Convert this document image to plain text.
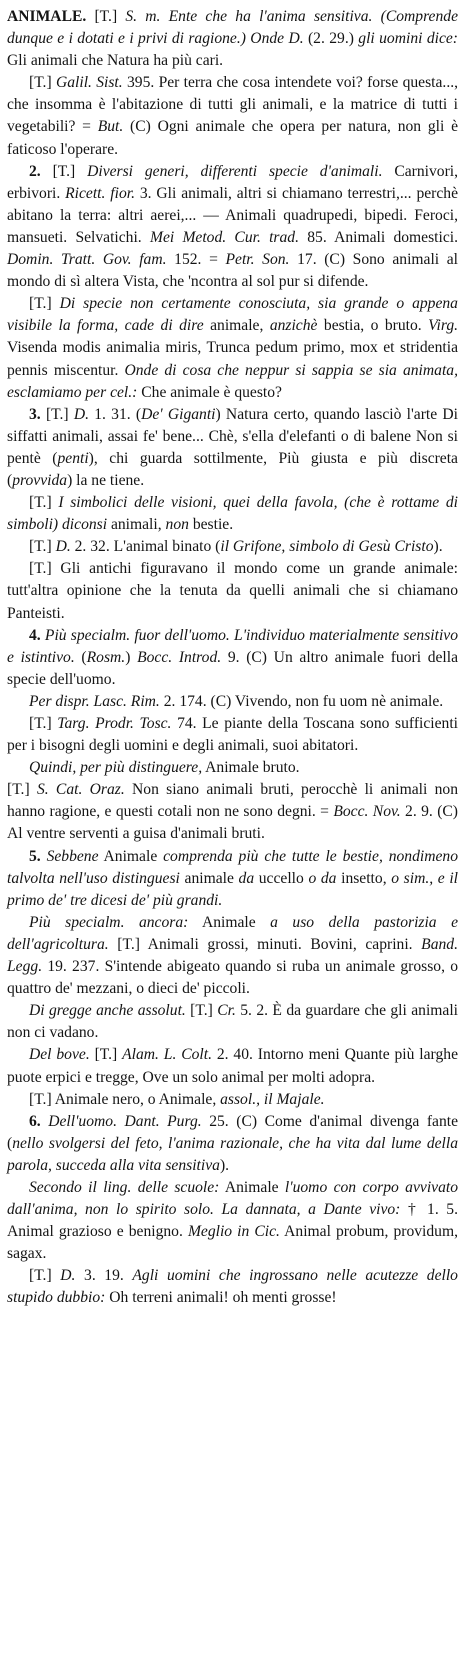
ANIMALE. [T.] S. m. Ente che ha l'anima sensitiva. (Comprende dunque e i dotati e i privi di ragione.) Onde D. (2. 29.) gli uomini dice: Gli animali che Natura ha più cari.

[T.] Galil. Sist. 395. Per terra che cosa intendete voi? forse questa..., che insomma è l'abitazione di tutti gli animali, e la matrice di tutti i vegetabili? = But. (C) Ogni animale che opera per natura, non gli è faticoso l'operare.

2. [T.] Diversi generi, differenti specie d'animali. Carnivori, erbivori. Ricett. fior. 3. Gli animali, altri si chiamano terrestri,... perchè abitano la terra: altri aerei,... — Animali quadrupedi, bipedi. Feroci, mansueti. Selvatichi. Mei Metod. Cur. trad. 85. Animali domestici. Domin. Tratt. Gov. fam. 152. = Petr. Son. 17. (C) Sono animali al mondo di sì altera Vista, che 'ncontra al sol pur si difende.

[T.] Di specie non certamente conosciuta, sia grande o appena visibile la forma, cade di dire animale, anzichè bestia, o bruto. Virg. Visenda modis animalia miris, Trunca pedum primo, mox et stridentia pennis miscentur. Onde di cosa che neppur si sappia se sia animata, esclamiamo per cel.: Che animale è questo?

3. [T.] D. 1. 31. (De' Giganti) Natura certo, quando lasciò l'arte Di siffatti animali, assai fe' bene... Chè, s'ella d'elefanti o di balene Non si pentè (penti), chi guarda sottilmente, Più giusta e più discreta (provvida) la ne tiene.

[T.] I simbolici delle visioni, quei della favola, (che è rottame di simboli) diconsi animali, non bestie.

[T.] D. 2. 32. L'animal binato (il Grifone, simbolo di Gesù Cristo).

[T.] Gli antichi figuravano il mondo come un grande animale: tutt'altra opinione che la tenuta da quelli animali che si chiamano Panteisti.

4. Più specialm. fuor dell'uomo. L'individuo materialmente sensitivo e istintivo. (Rosm.) Bocc. Introd. 9. (C) Un altro animale fuori della specie dell'uomo.

Per dispr. Lasc. Rim. 2. 174. (C) Vivendo, non fu uom nè animale.

[T.] Targ. Prodr. Tosc. 74. Le piante della Toscana sono sufficienti per i bisogni degli uomini e degli animali, suoi abitatori.

Quindi, per più distinguere, Animale bruto.

[T.] S. Cat. Oraz. Non siano animali bruti, perocchè li animali non hanno ragione, e questi cotali non ne sono degni. = Bocc. Nov. 2. 9. (C) Al ventre serventi a guisa d'animali bruti.

5. Sebbene Animale comprenda più che tutte le bestie, nondimeno talvolta nell'uso distinguesi animale da uccello o da insetto, o sim., e il primo de' tre dicesi de' più grandi.

Più specialm. ancora: Animale a uso della pastorizia e dell'agricoltura. [T.] Animali grossi, minuti. Bovini, caprini. Band. Legg. 19. 237. S'intende abigeato quando si ruba un animale grosso, o quattro de' mezzani, o dieci de' piccoli.

Di gregge anche assolut. [T.] Cr. 5. 2. È da guardare che gli animali non ci vadano.

Del bove. [T.] Alam. L. Colt. 2. 40. Intorno meni Quante più larghe puote erpici e tregge, Ove un solo animal per molti adopra.

[T.] Animale nero, o Animale, assol., il Majale.

6. Dell'uomo. Dant. Purg. 25. (C) Come d'animal divenga fante (nello svolgersi del feto, l'anima razionale, che ha vita dal lume della parola, succeda alla vita sensitiva).

Secondo il ling. delle scuole: Animale l'uomo con corpo avvivato dall'anima, non lo spirito solo. La dannata, a Dante vivo: † 1. 5. Animal grazioso e benigno. Meglio in Cic. Animal probum, providum, sagax.

[T.] D. 3. 19. Agli uomini che ingrossano nelle acutezze dello stupido dubbio: Oh terreni animali! oh menti grosse!
